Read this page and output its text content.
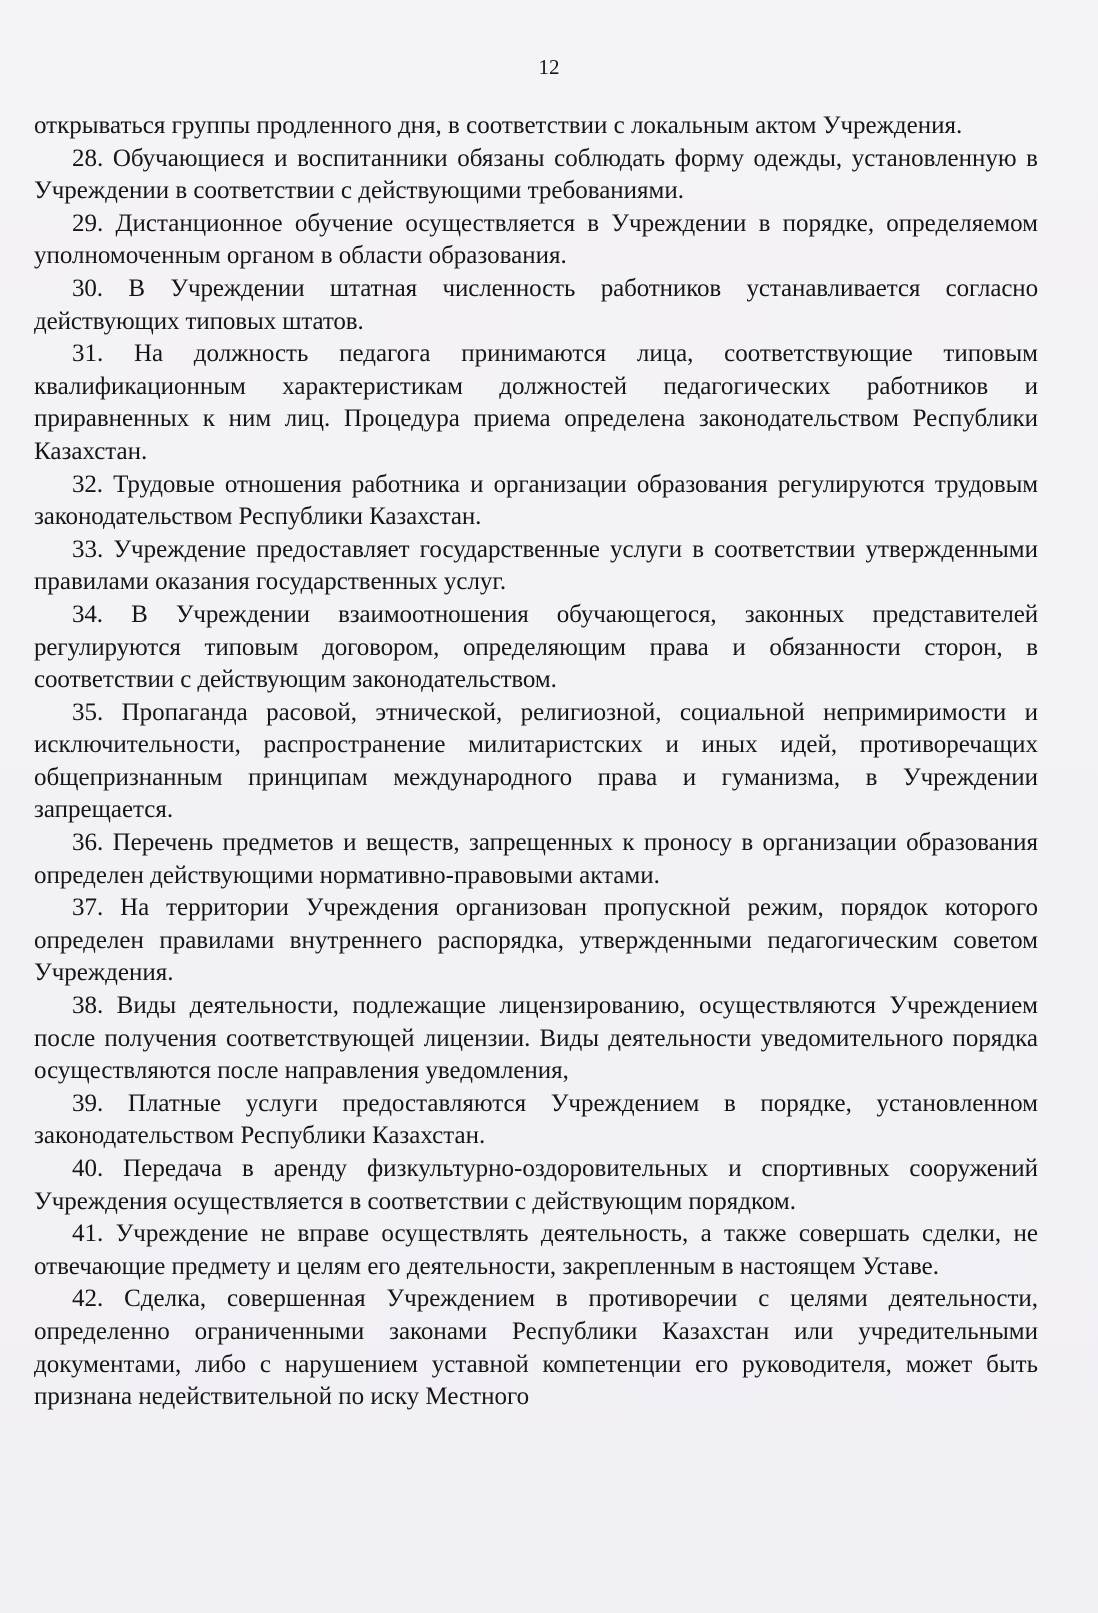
12

открываться группы продленного дня, в соответствии с локальным актом Учреждения.

28. Обучающиеся и воспитанники обязаны соблюдать форму одежды, установленную в Учреждении в соответствии с действующими требованиями.

29. Дистанционное обучение осуществляется в Учреждении в порядке, определяемом уполномоченным органом в области образования.

30. В Учреждении штатная численность работников устанавливается согласно действующих типовых штатов.

31. На должность педагога принимаются лица, соответствующие типовым квалификационным характеристикам должностей педагогических работников и приравненных к ним лиц. Процедура приема определена законодательством Республики Казахстан.

32. Трудовые отношения работника и организации образования регулируются трудовым законодательством Республики Казахстан.

33. Учреждение предоставляет государственные услуги в соответствии утвержденными правилами оказания государственных услуг.

34. В Учреждении взаимоотношения обучающегося, законных представителей регулируются типовым договором, определяющим права и обязанности сторон, в соответствии с действующим законодательством.

35. Пропаганда расовой, этнической, религиозной, социальной непримиримости и исключительности, распространение милитаристских и иных идей, противоречащих общепризнанным принципам международного права и гуманизма, в Учреждении запрещается.

36. Перечень предметов и веществ, запрещенных к проносу в организации образования определен действующими нормативно-правовыми актами.

37. На территории Учреждения организован пропускной режим, порядок которого определен правилами внутреннего распорядка, утвержденными педагогическим советом Учреждения.

38. Виды деятельности, подлежащие лицензированию, осуществляются Учреждением после получения соответствующей лицензии. Виды деятельности уведомительного порядка осуществляются после направления уведомления,

39. Платные услуги предоставляются Учреждением в порядке, установленном законодательством Республики Казахстан.

40. Передача в аренду физкультурно-оздоровительных и спортивных сооружений Учреждения осуществляется в соответствии с действующим порядком.

41. Учреждение не вправе осуществлять деятельность, а также совершать сделки, не отвечающие предмету и целям его деятельности, закрепленным в настоящем Уставе.

42. Сделка, совершенная Учреждением в противоречии с целями деятельности, определенно ограниченными законами Республики Казахстан или учредительными документами, либо с нарушением уставной компетенции его руководителя, может быть признана недействительной по иску Местного
